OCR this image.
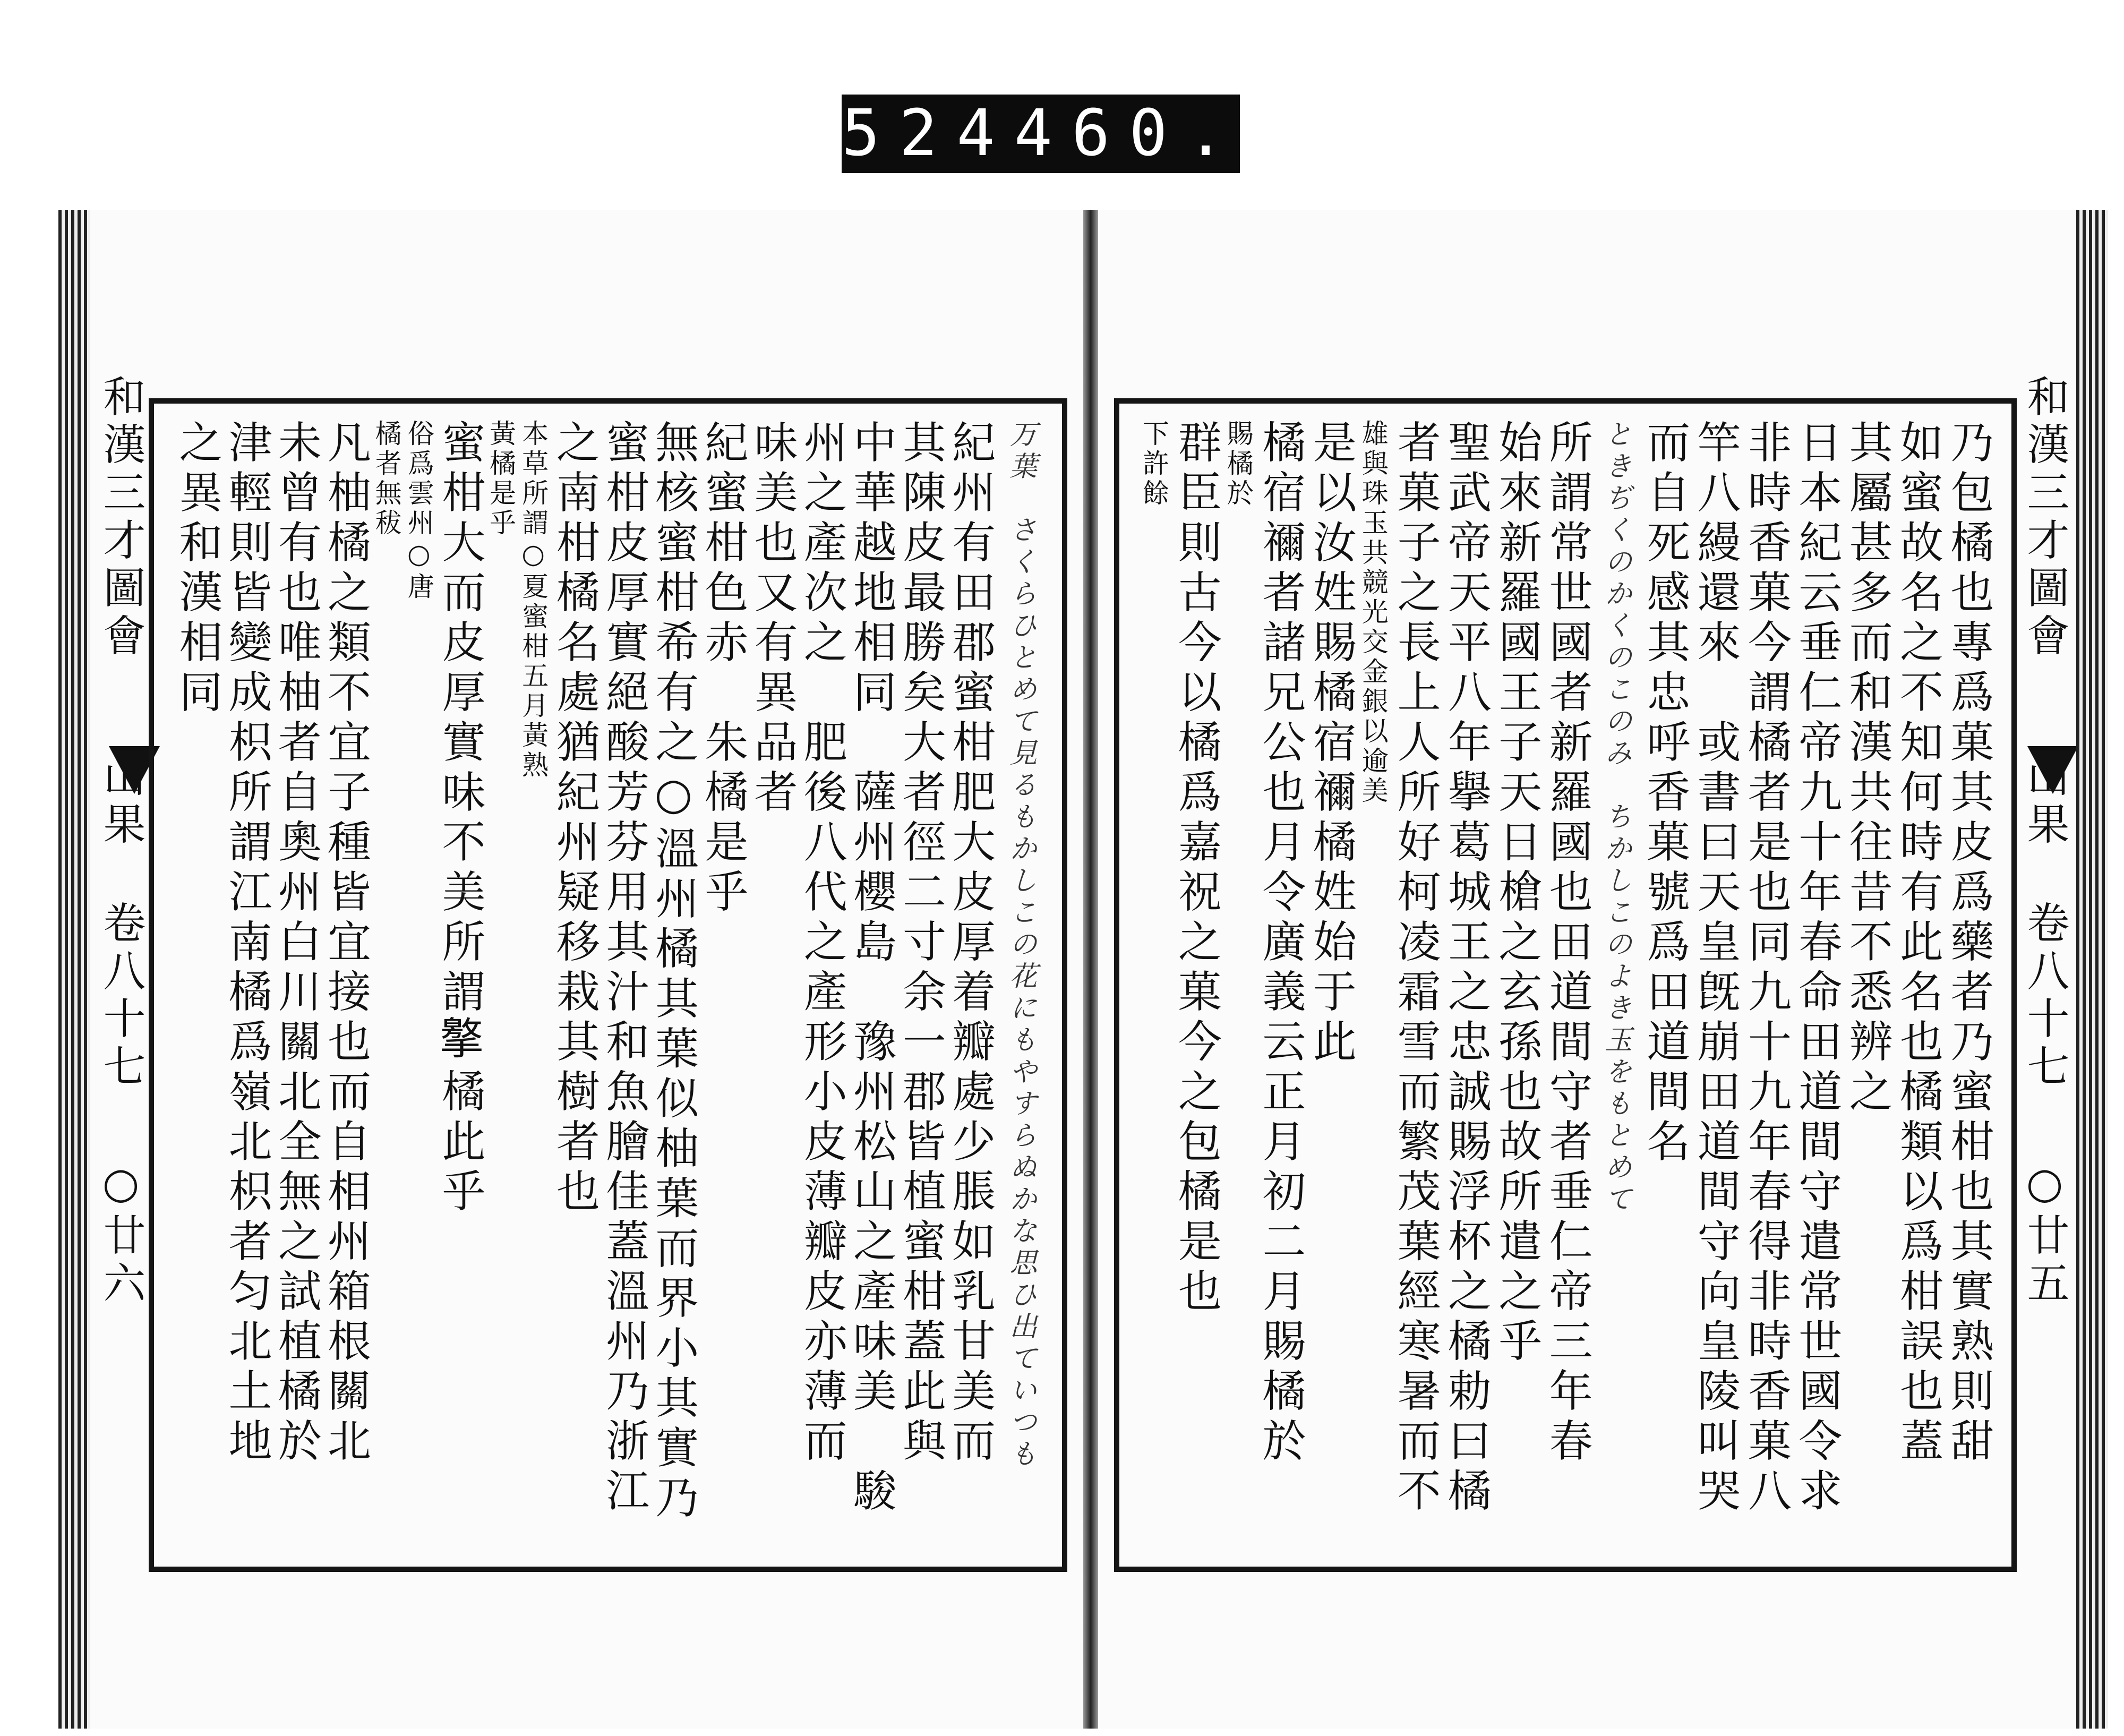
524 460.
和漢三才圖會 山果 卷八十七 ○廿六	万葉　さくらひとめて見るもかしこの花にもやすらぬかな思ひ出ていつも
紀州有田郡蜜柑肥大皮厚着瓣處少脹如乳甘美而
其陳皮最勝矣大者徑二寸余一郡皆植蜜柑蓋此與
中華越地相同　薩州櫻島　豫州松山之產味美　駿
州之產次之　肥後八代之產形小皮薄瓣皮亦薄而
味美也又有異品者
紀蜜柑色赤　朱橘是乎
無核蜜柑希有之○溫州橘其葉似柚葉而界小其實乃
蜜柑皮厚實絕酸芳芬用其汁和魚膾佳蓋溫州乃浙江
之南柑橘名處猶紀州疑移栽其樹者也
本草所謂○夏蜜柑五月黃熟
黃橘是乎
蜜柑大而皮厚實味不美所謂𢶡橘此乎
俗爲雲州○唐
橘者無秡
凡柚橘之類不宜子種皆宜接也而自相州箱根關北
未曾有也唯柚者自奧州白川關北全無之試植橘於
津輕則皆變成枳所謂江南橘爲嶺北枳者匀北土地
之異和漢相同	乃包橘也專爲菓其皮爲藥者乃蜜柑也其實熟則甜
如蜜故名之不知何時有此名也橘類以爲柑誤也蓋
其屬甚多而和漢共往昔不悉辨之
日本紀云垂仁帝九十年春命田道間守遣常世國令求
非時香菓今謂橘者是也同九十九年春得非時香菓八
竿八縵還來　或書曰天皇旣崩田道間守向皇陵叫哭
而自死感其忠呼香菓號爲田道間名
ときぢくのかくのこのみ　ちかしこのよき玉をもとめて
所謂常世國者新羅國也田道間守者垂仁帝三年春
始來新羅國王子天日槍之玄孫也故所遣之乎
聖武帝天平八年擧葛城王之忠誠賜浮杯之橘勅曰橘
者菓子之長上人所好柯凌霜雪而繁茂葉經寒暑而不
雄與珠玉共競光交金銀以逾美
是以汝姓賜橘宿禰橘姓始于此
橘宿禰者諸兄公也月令廣義云正月初二月賜橘於
賜橘於
群臣則古今以橘爲嘉祝之菓今之包橘是也
下許餘	和漢三才圖會 山果 卷八十七 ○廿五
